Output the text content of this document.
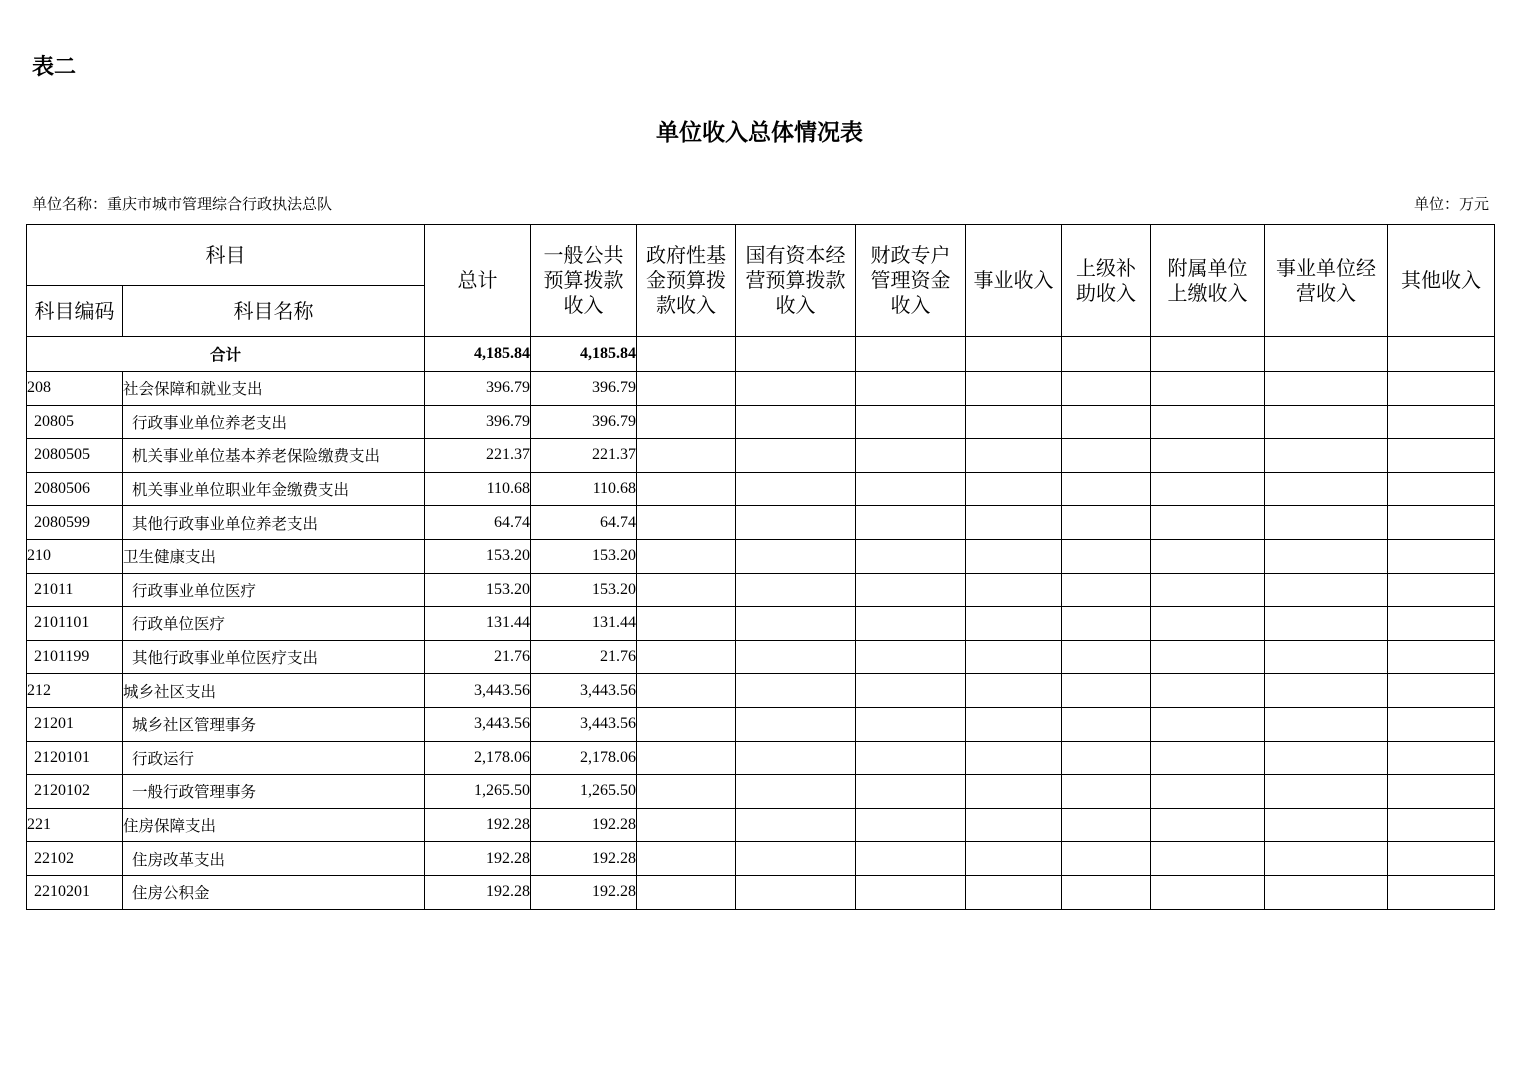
表二
单位收入总体情况表
单位名称：重庆市城市管理综合行政执法总队	单位：万元
科目		总计	一般公共
预算拨款
收入	政府性基
金预算拨
款收入	国有资本经
营预算拨款
收入	财政专户
管理资金
收入	事业收入	上级补
助收入	附属单位
上缴收入	事业单位经
营收入	其他收入
科目编码	科目名称										
合计		4,185.84	4,185.84								
208	社会保障和就业支出	396.79	396.79								
20805	行政事业单位养老支出	396.79	396.79								
2080505	机关事业单位基本养老保险缴费支出	221.37	221.37								
2080506	机关事业单位职业年金缴费支出	110.68	110.68								
2080599	其他行政事业单位养老支出	64.74	64.74								
210	卫生健康支出	153.20	153.20								
21011	行政事业单位医疗	153.20	153.20								
2101101	行政单位医疗	131.44	131.44								
2101199	其他行政事业单位医疗支出	21.76	21.76								
212	城乡社区支出	3,443.56	3,443.56								
21201	城乡社区管理事务	3,443.56	3,443.56								
2120101	行政运行	2,178.06	2,178.06								
2120102	一般行政管理事务	1,265.50	1,265.50								
221	住房保障支出	192.28	192.28								
22102	住房改革支出	192.28	192.28								
2210201	住房公积金	192.28	192.28								
